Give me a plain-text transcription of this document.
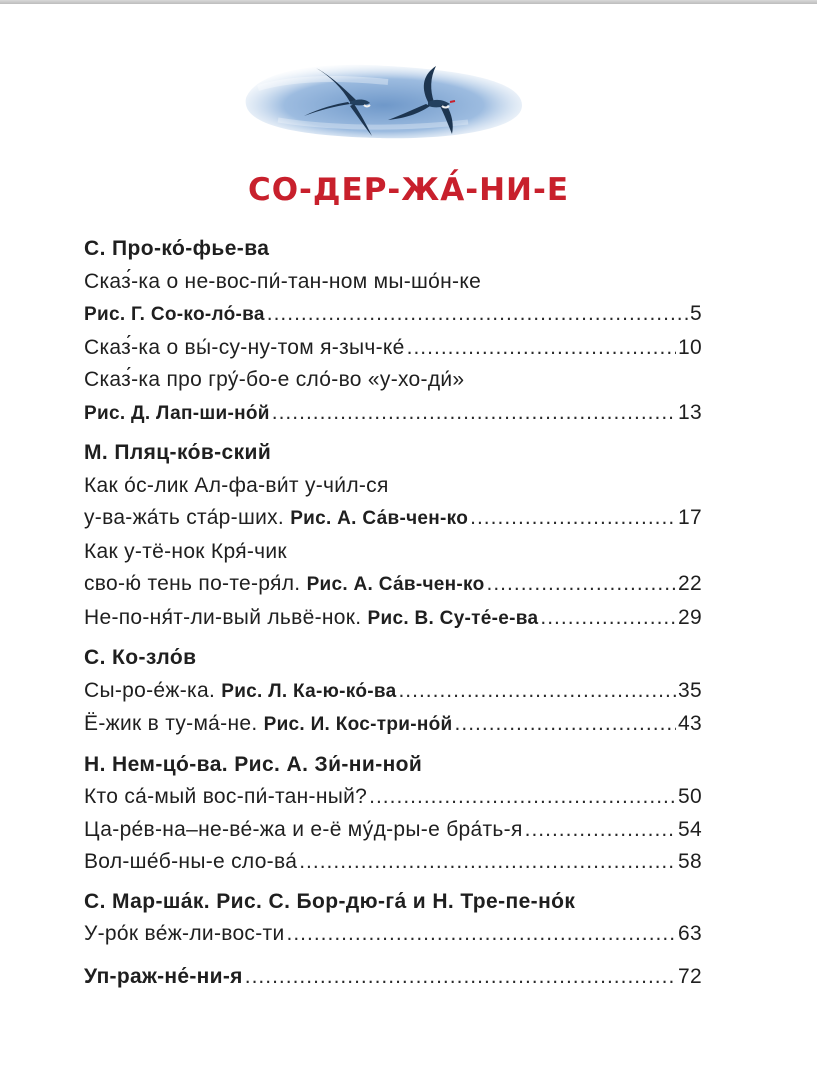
СО-ДЕР-ЖА́-НИ-Е
С. Про-ко́-фье-ва
Сказ́-ка о не-вос-пи́-тан-ном мы-шо́н-ке
Рис. Г. Со-ко-ло́-ва .....	5
Сказ́-ка о вы́-су-ну-том я-зыч-ке́ .....	10
Сказ́-ка про гру́-бо-е сло́-во «у-хо-ди́»
Рис. Д. Лап-ши-но́й .....	13
М. Пляц-ко́в-ский
Как о́с-лик Ал-фа-ви́т у-чи́л-ся
у-ва-жа́ть ста́р-ших. Рис. А. Са́в-чен-ко .....	17
Как у-тё-нок Кря́-чик
сво-ю́ тень по-те-ря́л. Рис. А. Са́в-чен-ко .....	22
Не-по-ня́т-ли-вый львё-нок. Рис. В. Су-те́-е-ва .....	29
С. Ко-зло́в
Сы-ро-е́ж-ка. Рис. Л. Ка-ю-ко́-ва .....	35
Ё-жик в ту-ма́-не. Рис. И. Кос-три-но́й .....	43
Н. Нем-цо́-ва. Рис. А. Зи́-ни-ной
Кто са́-мый вос-пи́-тан-ный? .....	50
Ца-ре́в-на–не-ве́-жа и е-ё му́д-ры-е бра́ть-я .....	54
Вол-ше́б-ны-е сло-ва́ .....	58
С. Мар-ша́к. Рис. С. Бор-дю-га́ и Н. Тре-пе-но́к
У-ро́к ве́ж-ли-вос-ти .....	63
Уп-раж-не́-ни-я .....	72
